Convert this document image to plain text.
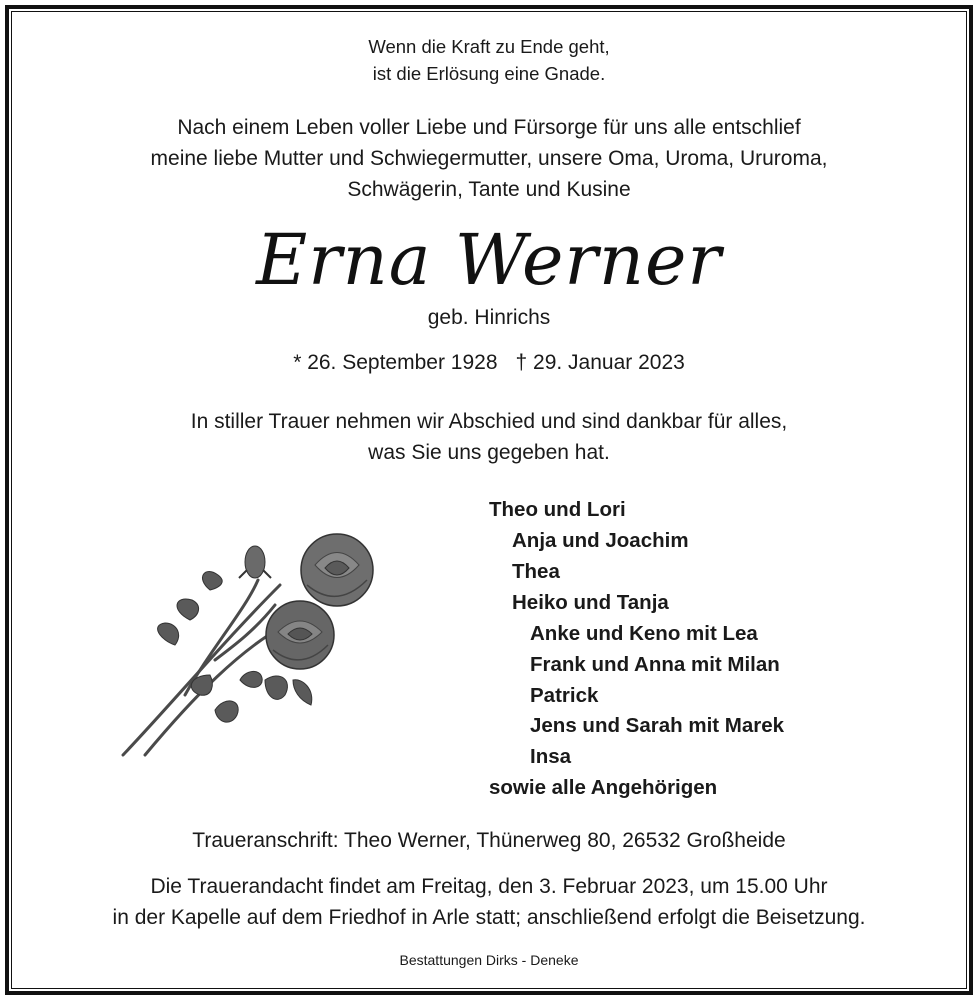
Wenn die Kraft zu Ende geht,
ist die Erlösung eine Gnade.
Nach einem Leben voller Liebe und Fürsorge für uns alle entschlief
meine liebe Mutter und Schwiegermutter, unsere Oma, Uroma, Ururoma,
Schwägerin, Tante und Kusine
Erna Werner
geb. Hinrichs
* 26. September 1928 † 29. Januar 2023
In stiller Trauer nehmen wir Abschied und sind dankbar für alles,
was Sie uns gegeben hat.
Theo und Lori
Anja und Joachim
Thea
Heiko und Tanja
Anke und Keno mit Lea
Frank und Anna mit Milan
Patrick
Jens und Sarah mit Marek
Insa
sowie alle Angehörigen
Traueranschrift: Theo Werner, Thünerweg 80, 26532 Großheide
Die Trauerandacht findet am Freitag, den 3. Februar 2023, um 15.00 Uhr
in der Kapelle auf dem Friedhof in Arle statt; anschließend erfolgt die Beisetzung.
Bestattungen Dirks - Deneke
